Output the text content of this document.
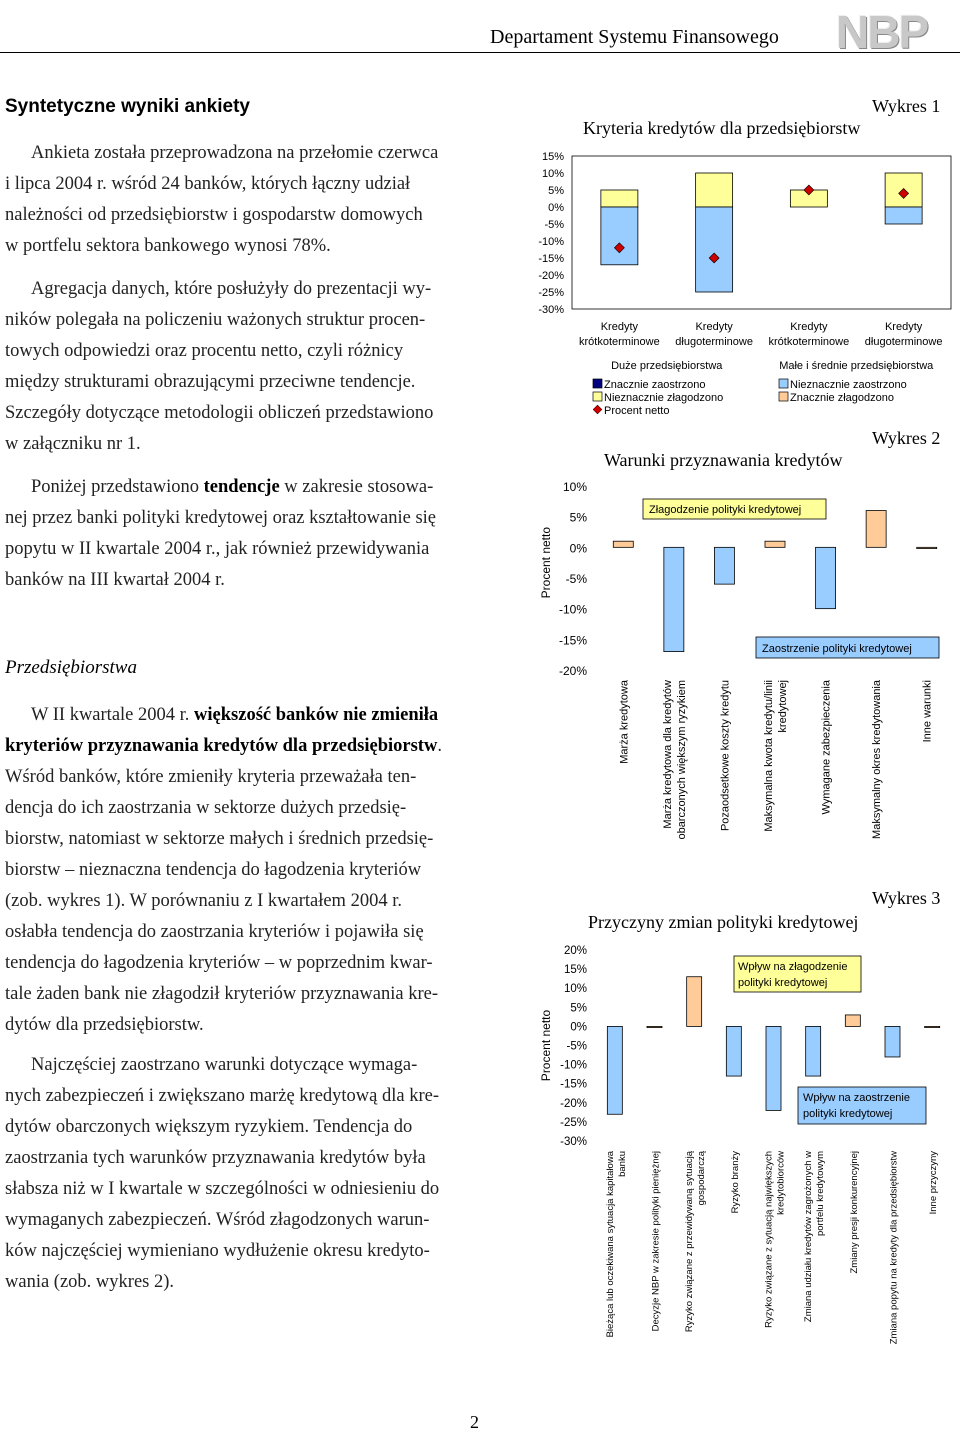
Departament Systemu Finansowego NBP
Syntetyczne wyniki ankiety
Ankieta została przeprowadzona na przełomie czerwca
i lipca 2004 r. wśród 24 banków, których łączny udział
należności od przedsiębiorstw i gospodarstw domowych
w portfelu sektora bankowego wynosi 78%.
Agregacja danych, które posłużyły do prezentacji wy-
ników polegała na policzeniu ważonych struktur procen-
towych odpowiedzi oraz procentu netto, czyli różnicy
między strukturami obrazującymi przeciwne tendencje.
Szczegóły dotyczące metodologii obliczeń przedstawiono
w załączniku nr 1.
Poniżej przedstawiono tendencje w zakresie stosowa-
nej przez banki polityki kredytowej oraz kształtowanie się
popytu w II kwartale 2004 r., jak również przewidywania
banków na III kwartał 2004 r.
Przedsiębiorstwa
W II kwartale 2004 r. większość banków nie zmieniła
kryteriów przyznawania kredytów dla przedsiębiorstw.
Wśród banków, które zmieniły kryteria przeważała ten-
dencja do ich zaostrzania w sektorze dużych przedsię-
biorstw, natomiast w sektorze małych i średnich przedsię-
biorstw – nieznaczna tendencja do łagodzenia kryteriów
(zob. wykres 1). W porównaniu z I kwartałem 2004 r.
osłabła tendencja do zaostrzania kryteriów i pojawiła się
tendencja do łagodzenia kryteriów – w poprzednim kwar-
tale żaden bank nie złagodził kryteriów przyznawania kre-
dytów dla przedsiębiorstw.
Najczęściej zaostrzano warunki dotyczące wymaga-
nych zabezpieczeń i zwiększano marżę kredytową dla kre-
dytów obarczonych większym ryzykiem. Tendencja do
zaostrzania tych warunków przyznawania kredytów była
słabsza niż w I kwartale w szczególności w odniesieniu do
wymaganych zabezpieczeń. Wśród złagodzonych warun-
ków najczęściej wymieniano wydłużenie okresu kredyto-
wania (zob. wykres 2).
2
Wykres 1
Kryteria kredytów dla przedsiębiorstw
Wykres 2
Warunki przyznawania kredytów
Wykres 3
Przyczyny zmian polityki kredytowej
15%
10%
5%
0%
-5%
-10%
-15%
-20%
-25%
-30%
Kredyty
krótkoterminowe
Kredyty
długoterminowe
Kredyty
krótkoterminowe
Kredyty
długoterminowe
Duże przedsiębiorstwa	Małe i średnie przedsiębiorstwa
Znacznie zaostrzono
Nieznacznie złagodzono
Procent netto
Nieznacznie zaostrzono
Znacznie złagodzono
10%
5%
0%
-5%
-10%
-15%
-20%
Procent netto
Marża kredytowa	Marża kredytowa dla kredytów obarczonych większym ryzykiem	Pozaodsetkowe koszty kredytu	Maksymalna kwota kredytu/linii kredytowej	Wymagane zabezpieczenia	Maksymalny okres kredytowania	Inne warunki
Złagodzenie polityki kredytowej
Zaostrzenie polityki kredytowej
20%
15%
10%
5%
0%
-5%
-10%
-15%
-20%
-25%
-30%
Procent netto
Bieżąca lub oczekiwana sytuacja kapitałowa banku Decyzje NBP w zakresie polityki pieniężnej Ryzyko związane z przewidywaną sytuacją gospodarczą Ryzyko branży Ryzyko związane z sytuacją największych kredytobiorców Zmiana udziału kredytów zagrożonych w portfelu kredytowym Zmiany presji konkurencyjnej	Zmiana popytu na kredyty dla przedsiębiorstw	Inne przyczyny
Wpływ na złagodzenie
polityki kredytowej
Wpływ na zaostrzenie
polityki kredytowej
